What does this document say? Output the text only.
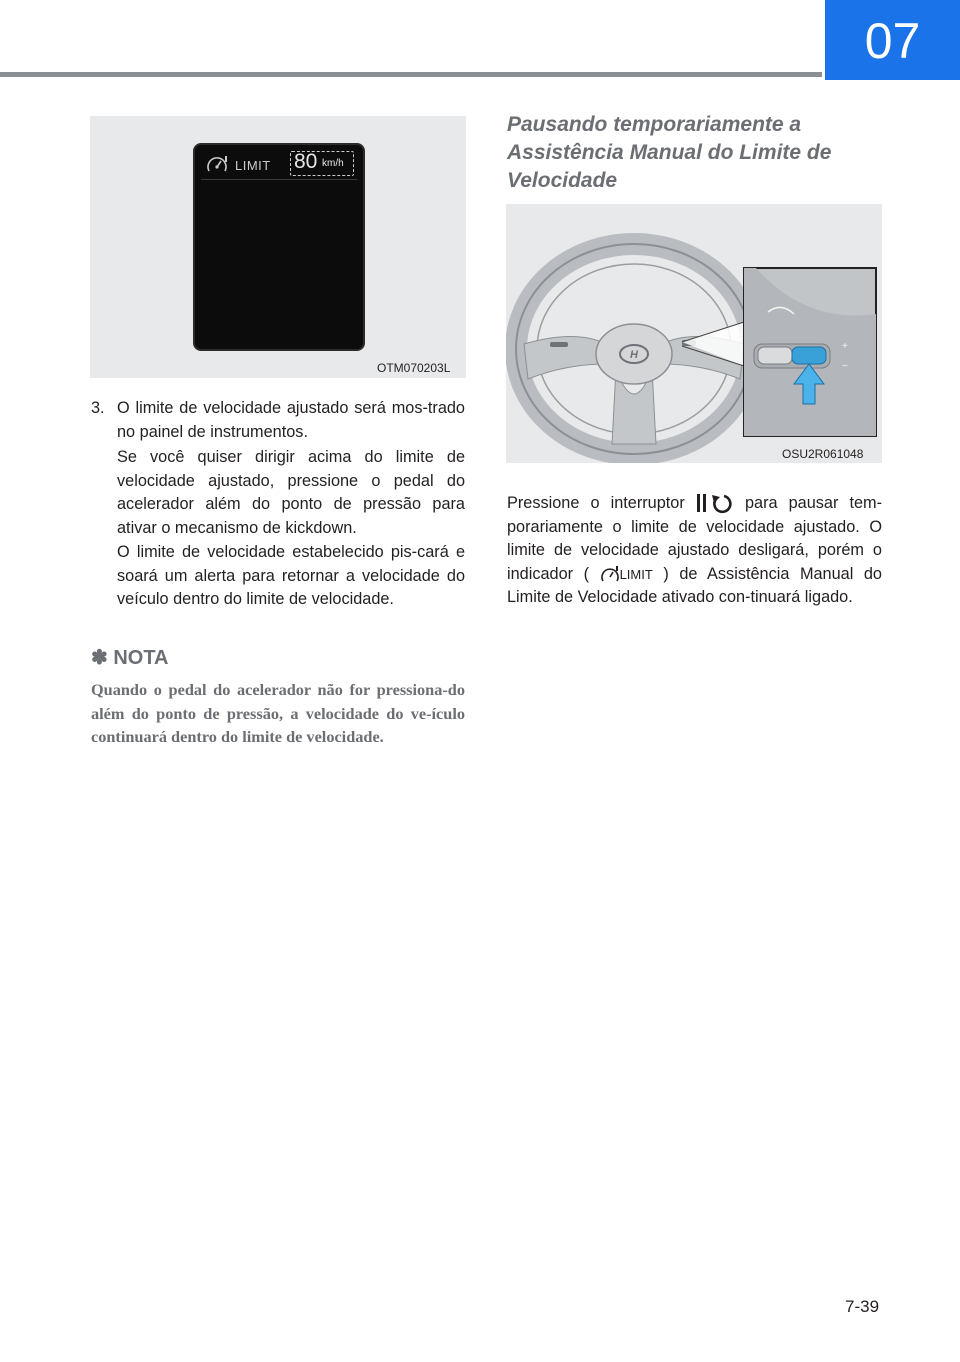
07
LIMIT 80 km/h
OTM070203L
3. O limite de velocidade ajustado será mos-trado no painel de instrumentos.
Se você quiser dirigir acima do limite de velocidade ajustado, pressione o pedal do acelerador além do ponto de pressão para ativar o mecanismo de kickdown.
O limite de velocidade estabelecido pis-cará e soará um alerta para retornar a velocidade do veículo dentro do limite de velocidade.
✽ NOTA
Quando o pedal do acelerador não for pressiona-do além do ponto de pressão, a velocidade do ve-ículo continuará dentro do limite de velocidade.
Pausando temporariamente a Assistência Manual do Limite de Velocidade
H
+
−
OSU2R061048
Pressione o interruptor	para pausar tem-porariamente o limite de velocidade ajustado. O limite de velocidade ajustado desligará, porém o indicador ( LIMIT ) de Assistência Manual do Limite de Velocidade ativado con-tinuará ligado.
7-39
